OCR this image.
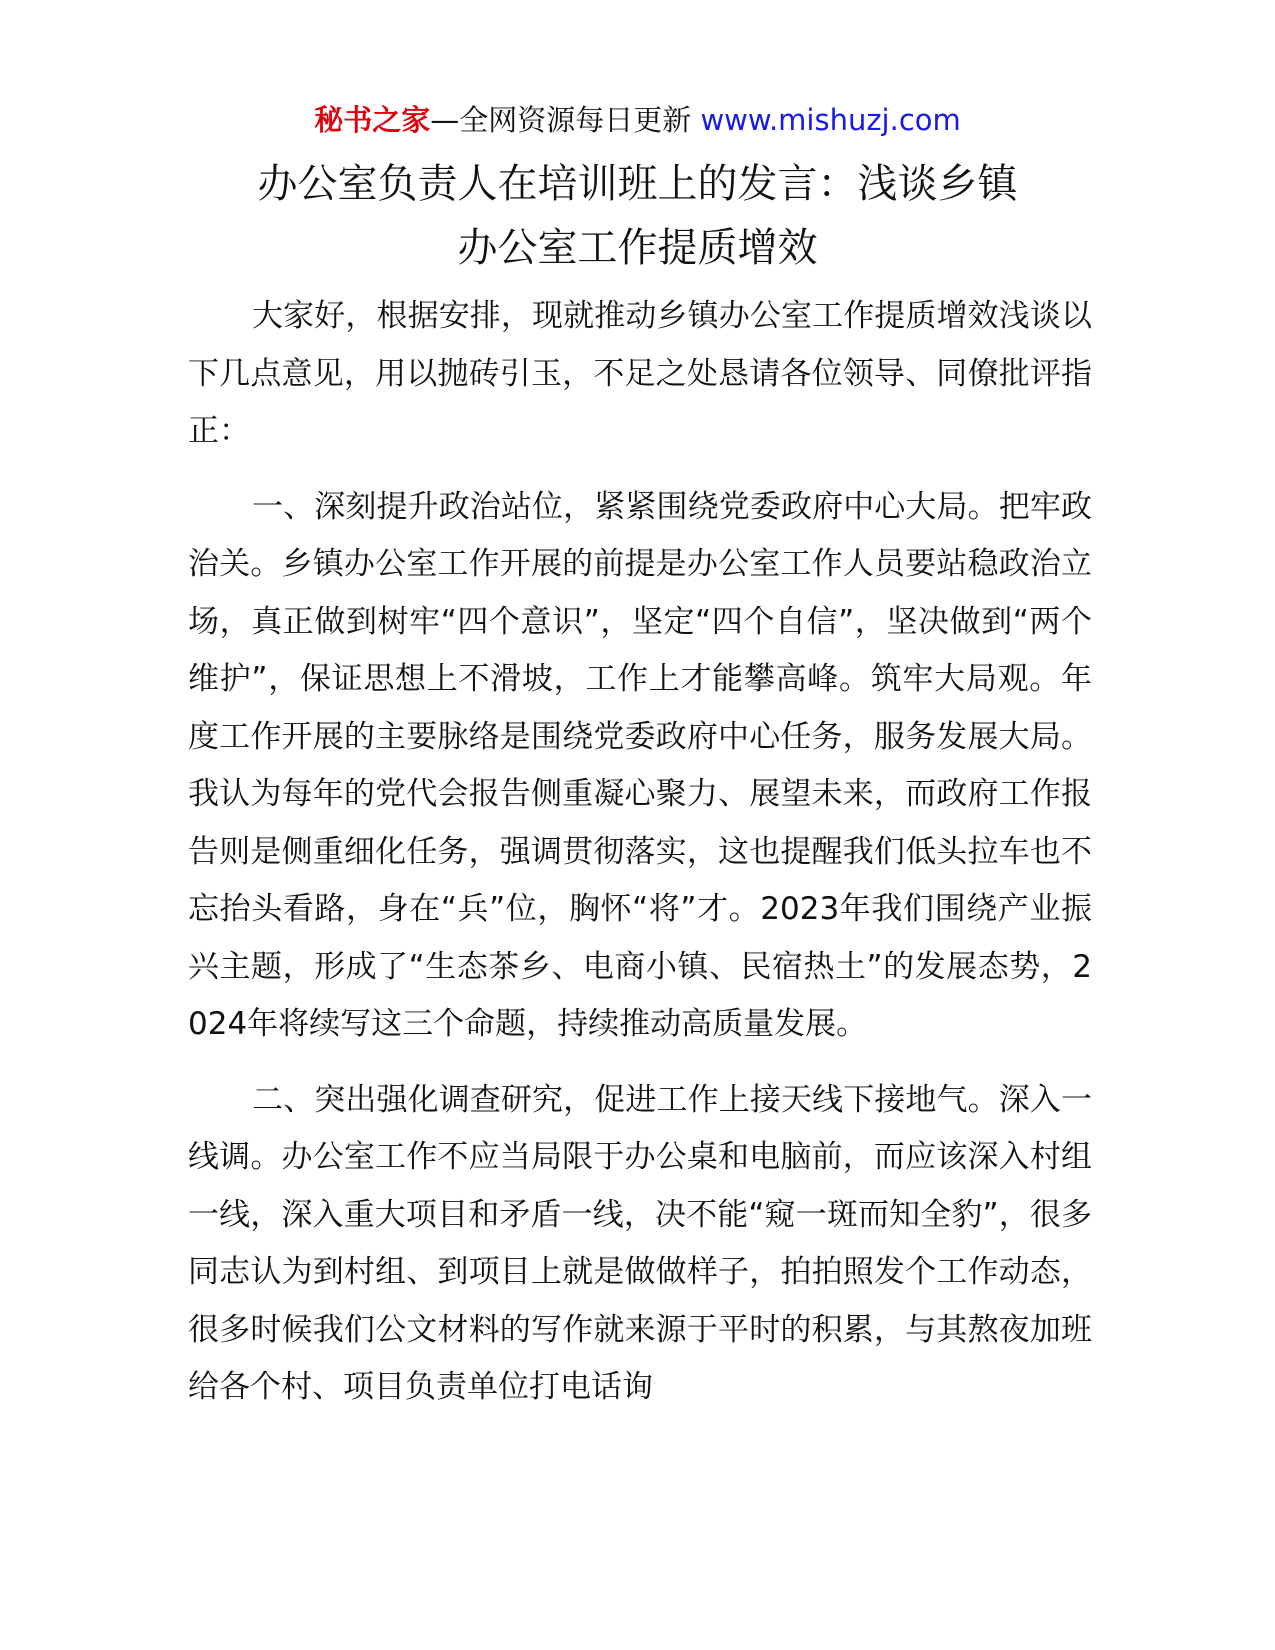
秘书之家—全网资源每日更新 www.mishuzj.com
办公室负责人在培训班上的发言：浅谈乡镇
办公室工作提质增效

大家好，根据安排，现就推动乡镇办公室工作提质增效浅谈以下几点意见，用以抛砖引玉，不足之处恳请各位领导、同僚批评指正：

一、深刻提升政治站位，紧紧围绕党委政府中心大局。把牢政治关。乡镇办公室工作开展的前提是办公室工作人员要站稳政治立场，真正做到树牢“四个意识”，坚定“四个自信”，坚决做到“两个维护”，保证思想上不滑坡，工作上才能攀高峰。筑牢大局观。年度工作开展的主要脉络是围绕党委政府中心任务，服务发展大局。我认为每年的党代会报告侧重凝心聚力、展望未来，而政府工作报告则是侧重细化任务，强调贯彻落实，这也提醒我们低头拉车也不忘抬头看路，身在“兵”位，胸怀“将”才。2023年我们围绕产业振兴主题，形成了“生态茶乡、电商小镇、民宿热土”的发展态势，2024年将续写这三个命题，持续推动高质量发展。

二、突出强化调查研究，促进工作上接天线下接地气。深入一线调。办公室工作不应当局限于办公桌和电脑前，而应该深入村组一线，深入重大项目和矛盾一线，决不能“窥一斑而知全豹”，很多同志认为到村组、到项目上就是做做样子，拍拍照发个工作动态，很多时候我们公文材料的写作就来源于平时的积累，与其熬夜加班给各个村、项目负责单位打电话询
